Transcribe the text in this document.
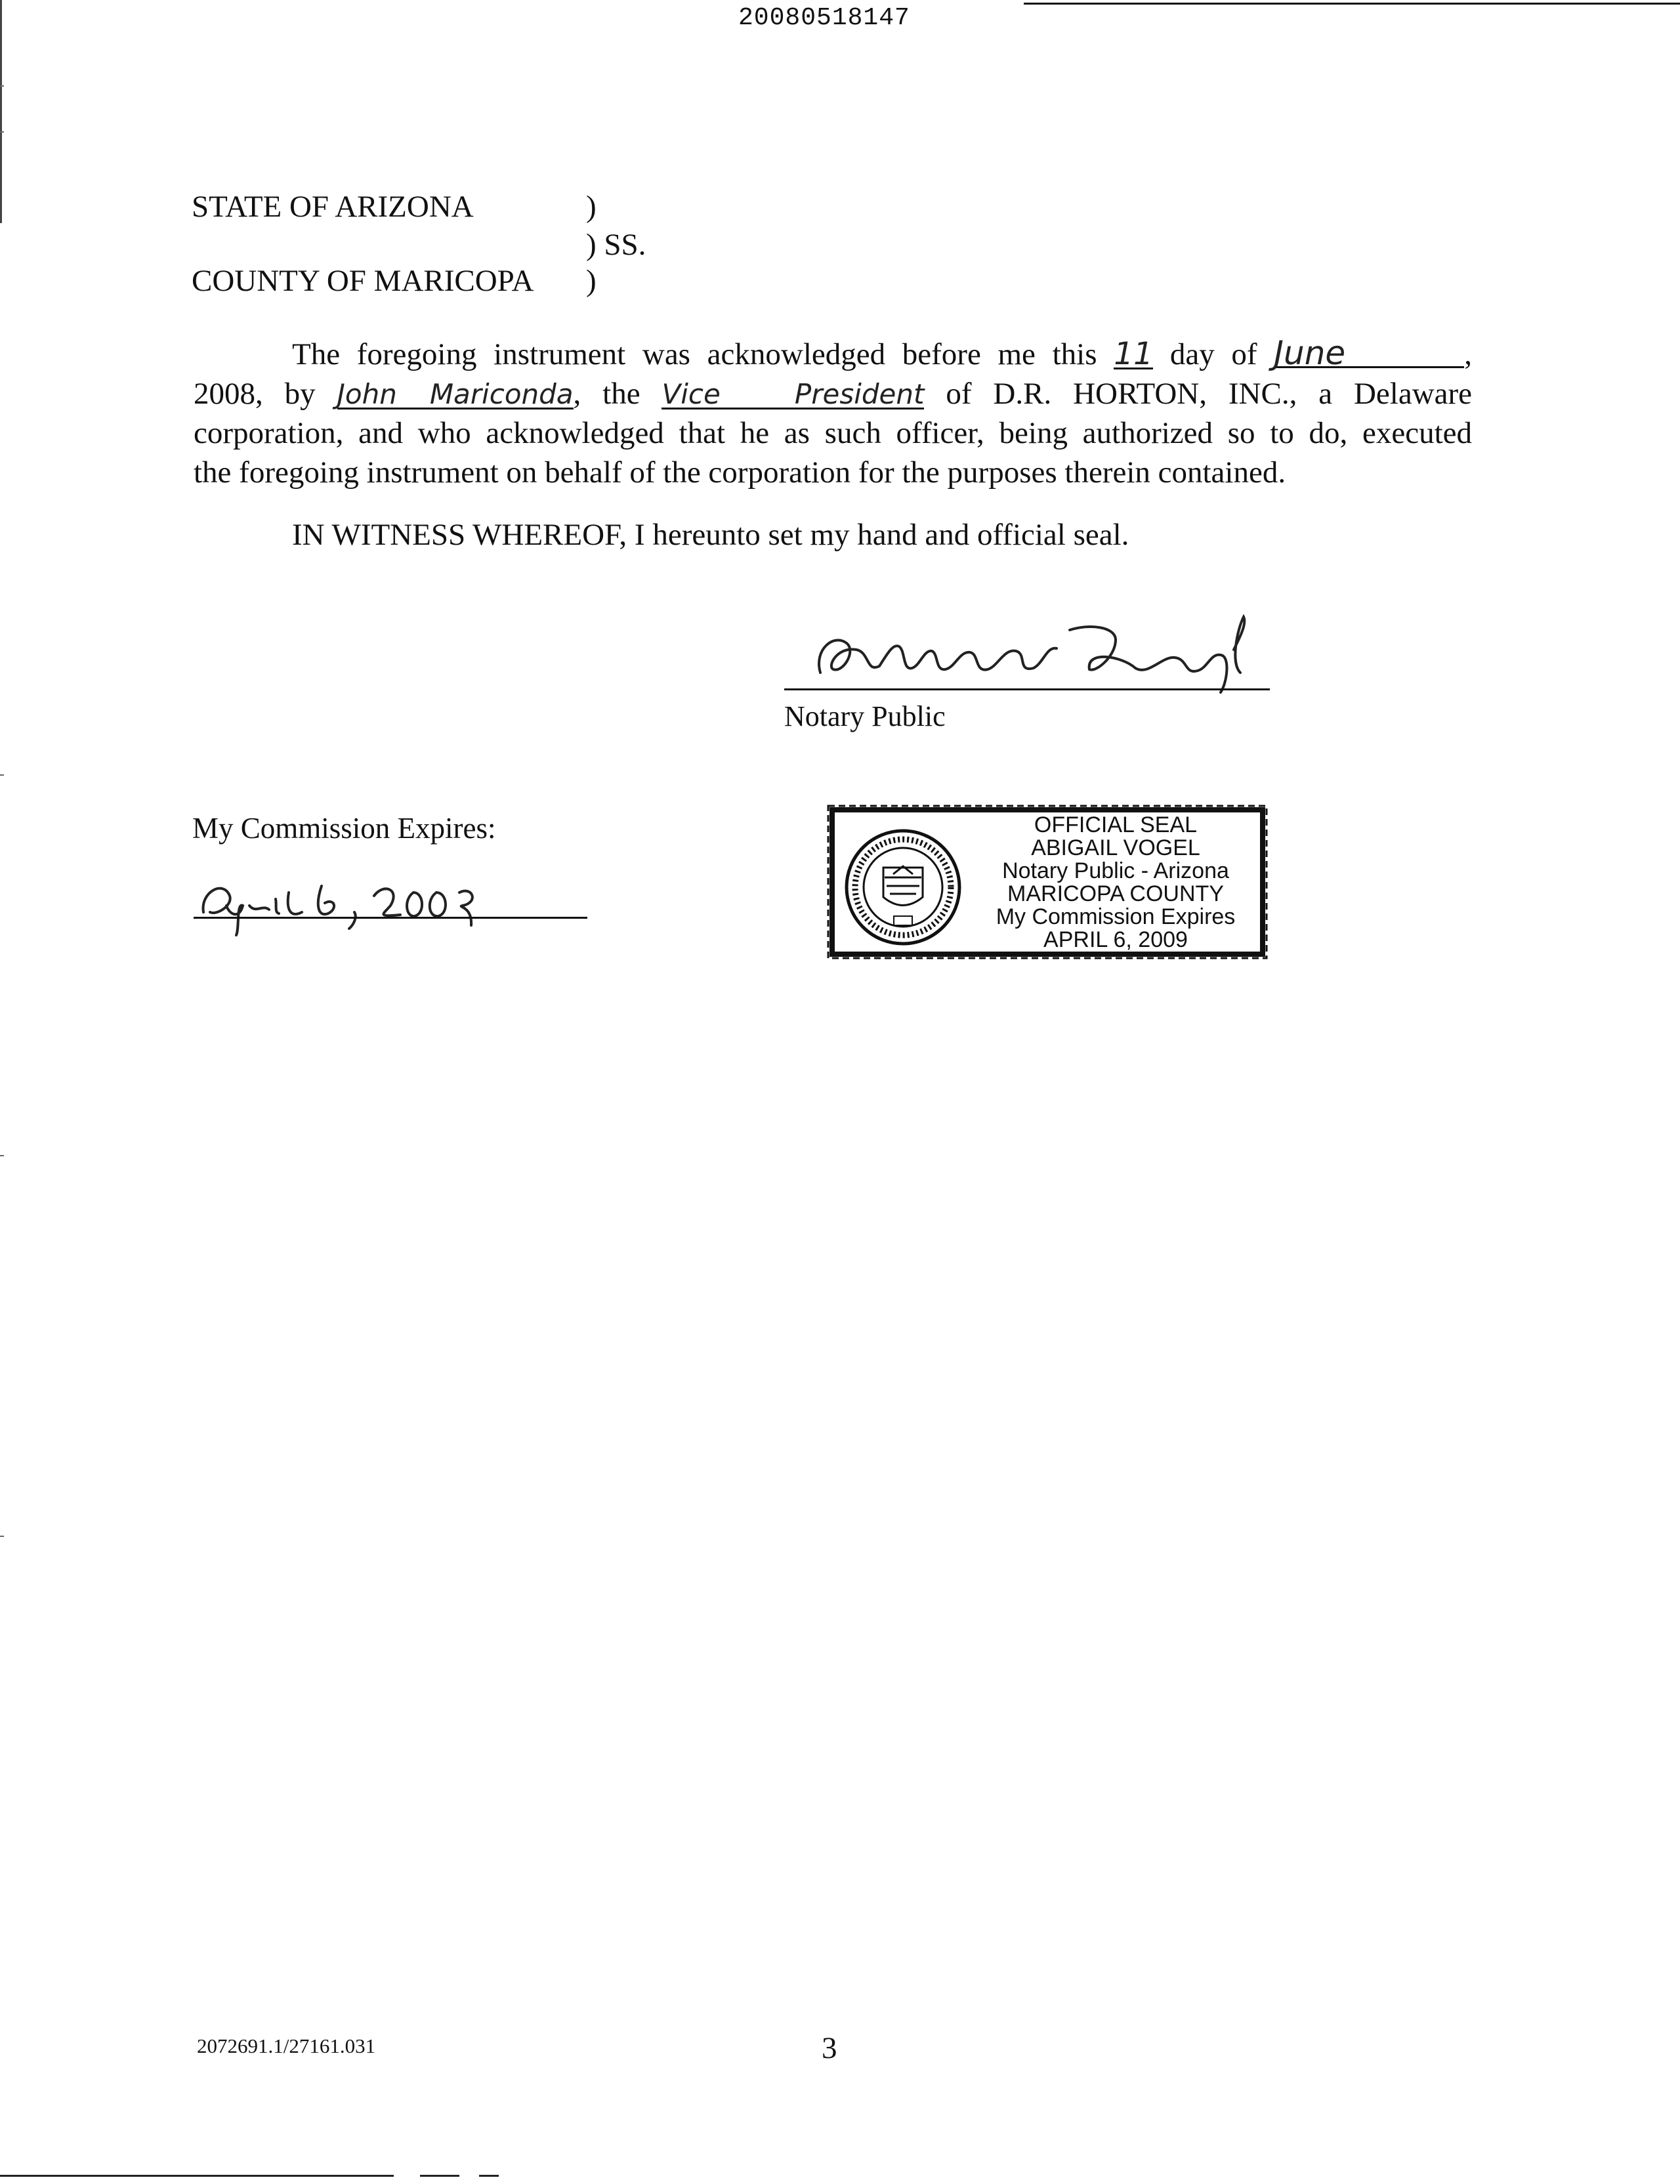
20080518147
STATE OF ARIZONA	)
) SS.
COUNTY OF MARICOPA )
The foregoing instrument was acknowledged before me this 11 day of June	,
2008, by John Mariconda, the Vice President of D.R. HORTON, INC., a Delaware
corporation, and who acknowledged that he as such officer, being authorized so to do, executed
the foregoing instrument on behalf of the corporation for the purposes therein contained.
IN WITNESS WHEREOF, I hereunto set my hand and official seal.
Notary Public
My Commission Expires:	OFFICIAL SEAL
ABIGAIL VOGEL
Notary Public - Arizona
MARICOPA COUNTY
My Commission Expires
APRIL 6, 2009
2072691.1/27161.031	3
